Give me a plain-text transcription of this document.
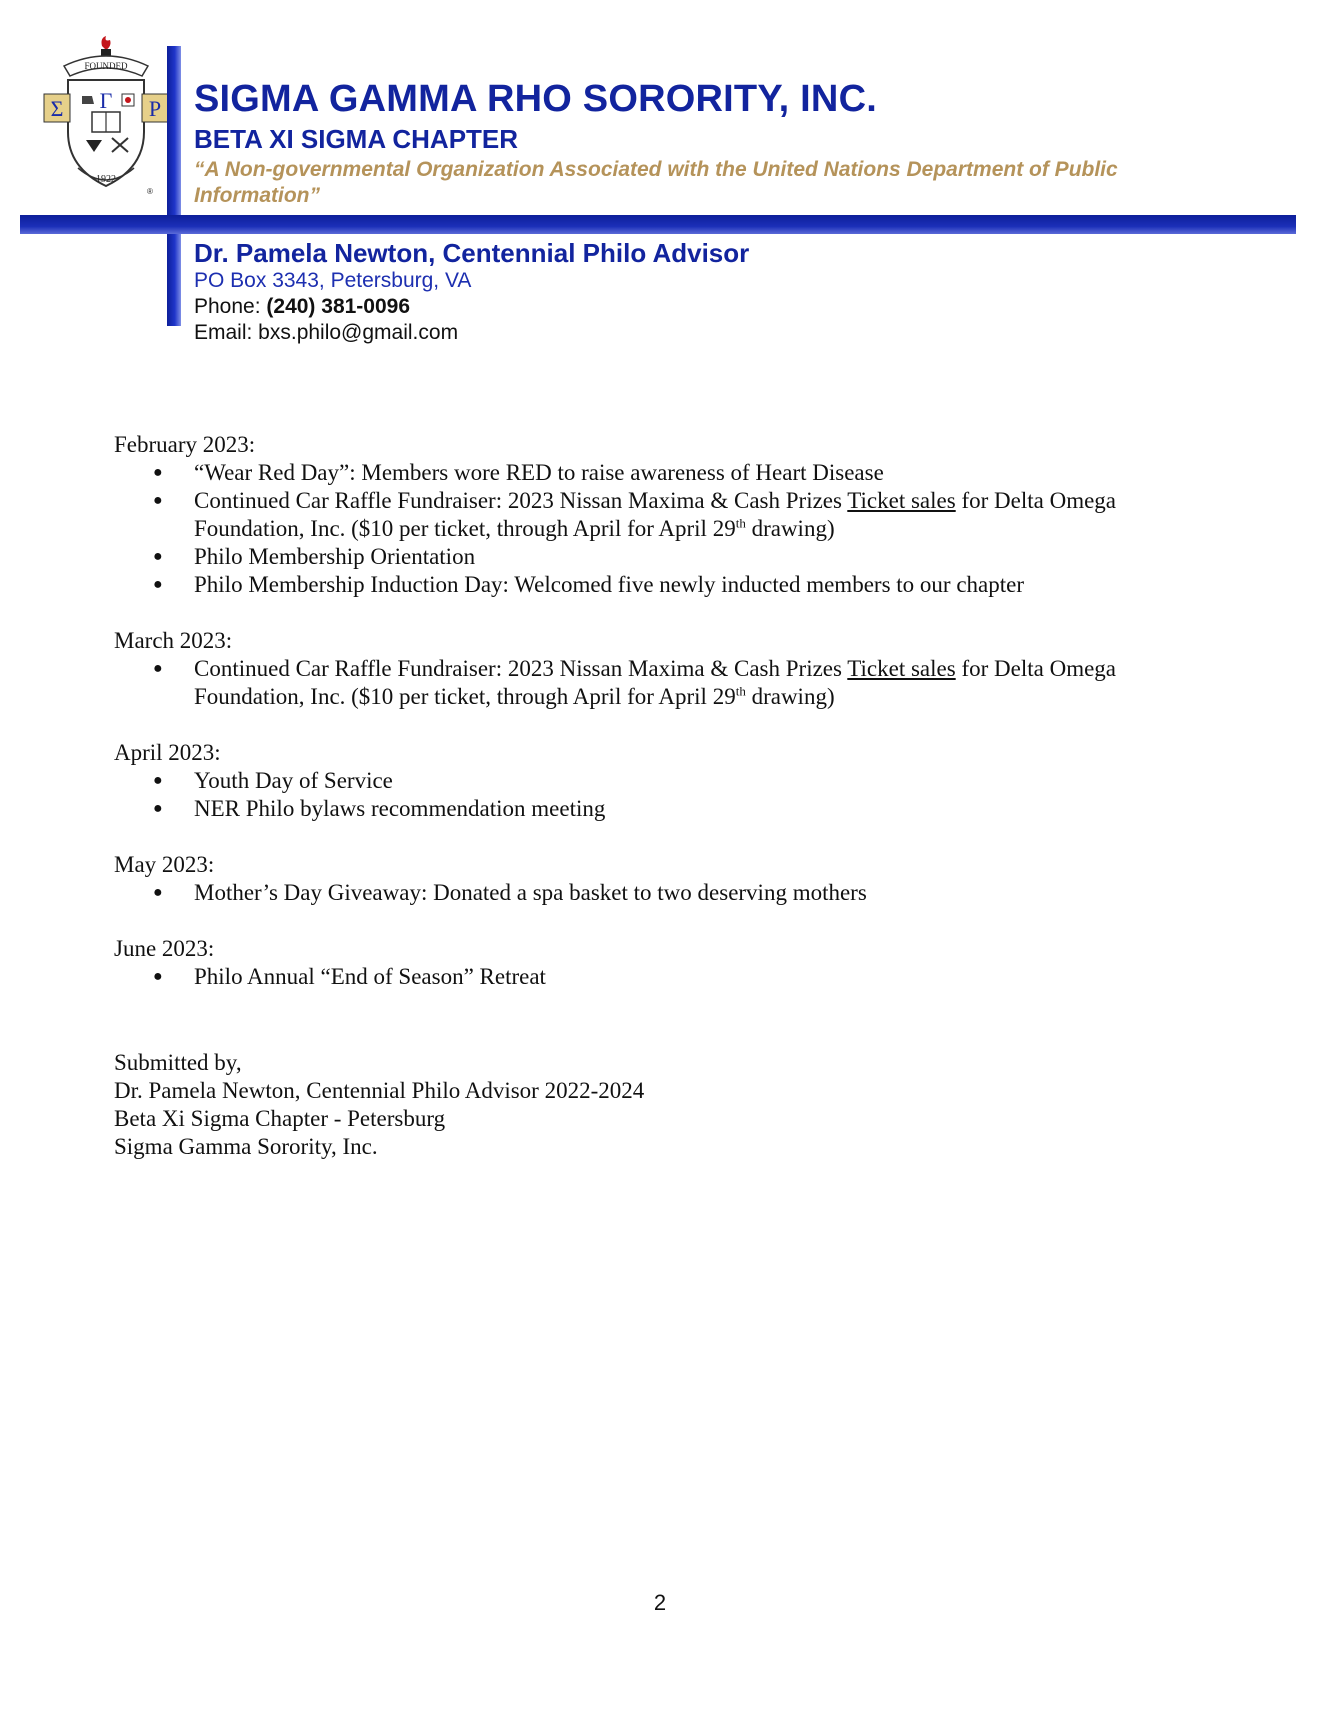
FOUNDED
Σ Γ Ρ
1922
®
SIGMA GAMMA RHO SORORITY, INC.
BETA XI SIGMA CHAPTER

“A Non-governmental Organization Associated with the United Nations Department of Public Information”

Dr. Pamela Newton, Centennial Philo Advisor
PO Box 3343, Petersburg, VA
Phone: (240) 381-0096
Email: bxs.philo@gmail.com

February 2023:

● “Wear Red Day”: Members wore RED to raise awareness of Heart Disease
● Continued Car Raffle Fundraiser: 2023 Nissan Maxima & Cash Prizes Ticket sales for Delta Omega Foundation, Inc. ($10 per ticket, through April for April 29th drawing)
● Philo Membership Orientation
● Philo Membership Induction Day: Welcomed five newly inducted members to our chapter

March 2023:

● Continued Car Raffle Fundraiser: 2023 Nissan Maxima & Cash Prizes Ticket sales for Delta Omega Foundation, Inc. ($10 per ticket, through April for April 29th drawing)

April 2023:

● Youth Day of Service
● NER Philo bylaws recommendation meeting

May 2023:

● Mother’s Day Giveaway: Donated a spa basket to two deserving mothers

June 2023:

● Philo Annual “End of Season” Retreat
Submitted by,
Dr. Pamela Newton, Centennial Philo Advisor 2022-2024
Beta Xi Sigma Chapter - Petersburg
Sigma Gamma Sorority, Inc.
2
